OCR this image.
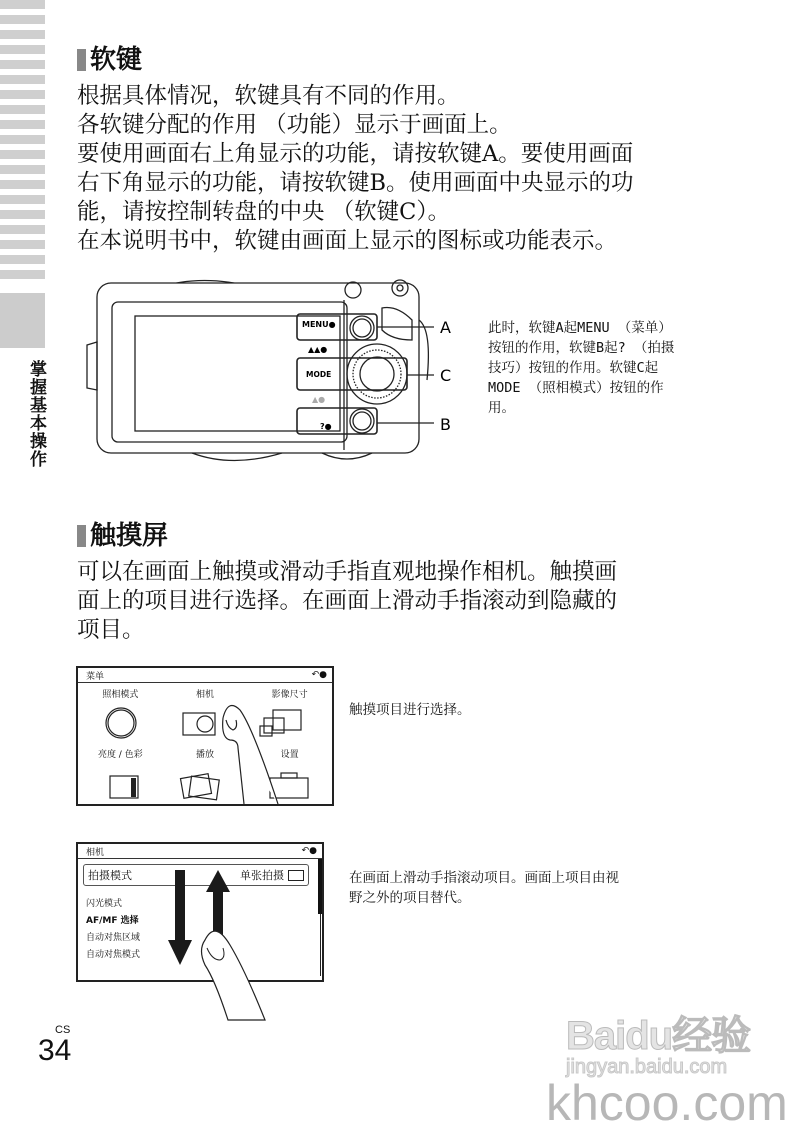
掌握基本操作
软键
根据具体情况，软键具有不同的作用。
各软键分配的作用 （功能）显示于画面上。
要使用画面右上角显示的功能，请按软键A。要使用画面
右下角显示的功能，请按软键B。使用画面中央显示的功
能，请按控制转盘的中央 （软键C）。
在本说明书中，软键由画面上显示的图标或功能表示。
MENU●
▲▲●
MODE
▲●
?●
A
C
B
此时，软键A起MENU （菜单）
按钮的作用，软键B起? （拍摄
技巧）按钮的作用。软键C起
MODE （照相模式）按钮的作
用。
触摸屏
可以在画面上触摸或滑动手指直观地操作相机。触摸画
面上的项目进行选择。在画面上滑动手指滚动到隐藏的
项目。
菜单	↶●
照相模式	相机	影像尺寸
亮度 / 色彩	播放	设置
触摸项目进行选择。
相机	↶●
拍摄模式	单张拍摄
闪光模式
AF/MF 选择
自动对焦区域
自动对焦模式
在画面上滑动手指滚动项目。画面上项目由视
野之外的项目替代。
CS
34	Baidu经验
jingyan.baidu.com
khcoo.com
